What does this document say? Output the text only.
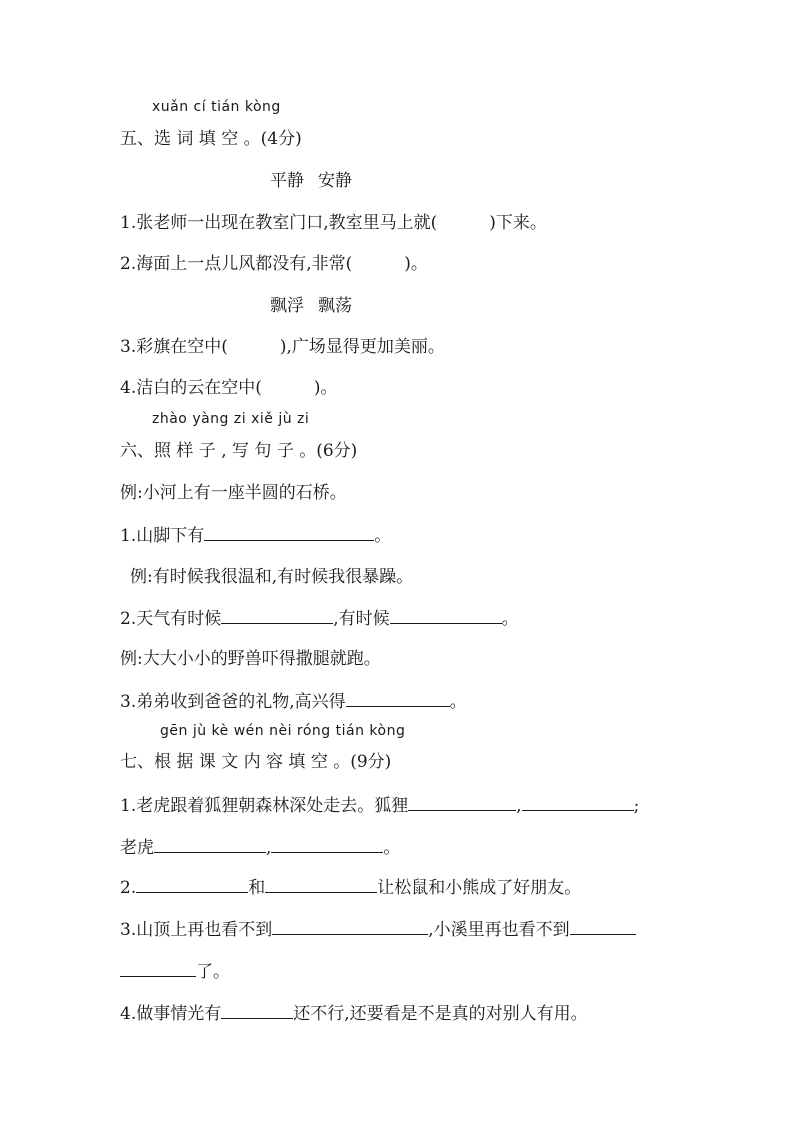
xuǎn cí tián kòng
五、选 词 填 空 。(4分)
平静 安静
1.张老师一出现在教室门口,教室里马上就(	)下来。
2.海面上一点儿风都没有,非常(	)。
飘浮 飘荡
3.彩旗在空中(	),广场显得更加美丽。
4.洁白的云在空中(	)。
zhào yàng zi xiě jù zi
六、照 样 子 , 写 句 子 。(6分)
例:小河上有一座半圆的石桥。
1.山脚下有	。
例:有时候我很温和,有时候我很暴躁。
2.天气有时候	,有时候	。
例:大大小小的野兽吓得撒腿就跑。
3.弟弟收到爸爸的礼物,高兴得	。
gēn jù kè wén nèi róng tián kòng
七、根 据 课 文 内 容 填 空 。(9分)
1.老虎跟着狐狸朝森林深处走去。狐狸	,	;
老虎	,	。
2.	和	让松鼠和小熊成了好朋友。
3.山顶上再也看不到	,小溪里再也看不到
了。
4.做事情光有	还不行,还要看是不是真的对别人有用。
